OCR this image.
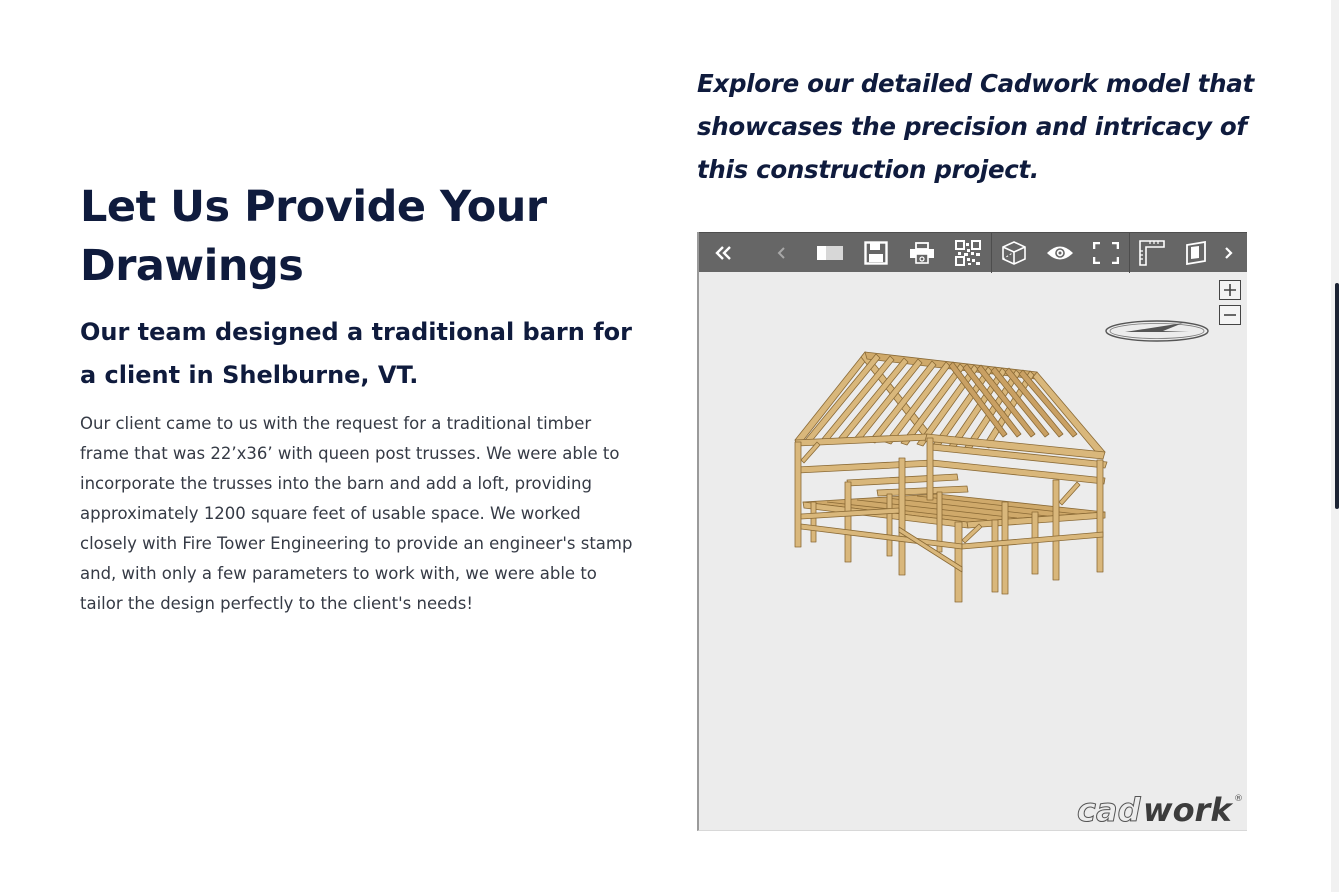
Let Us Provide Your Drawings
Our team designed a traditional barn for a client in Shelburne, VT.

Our client came to us with the request for a traditional timber frame that was 22’x36’ with queen post trusses. We were able to incorporate the trusses into the barn and add a loft, providing approximately 1200 square feet of usable space. We worked closely with Fire Tower Engineering to provide an engineer's stamp and, with only a few parameters to work with, we were able to tailor the design perfectly to the client's needs!

Explore our detailed Cadwork model that showcases the precision and intricacy of this construction project.

cad work ®
